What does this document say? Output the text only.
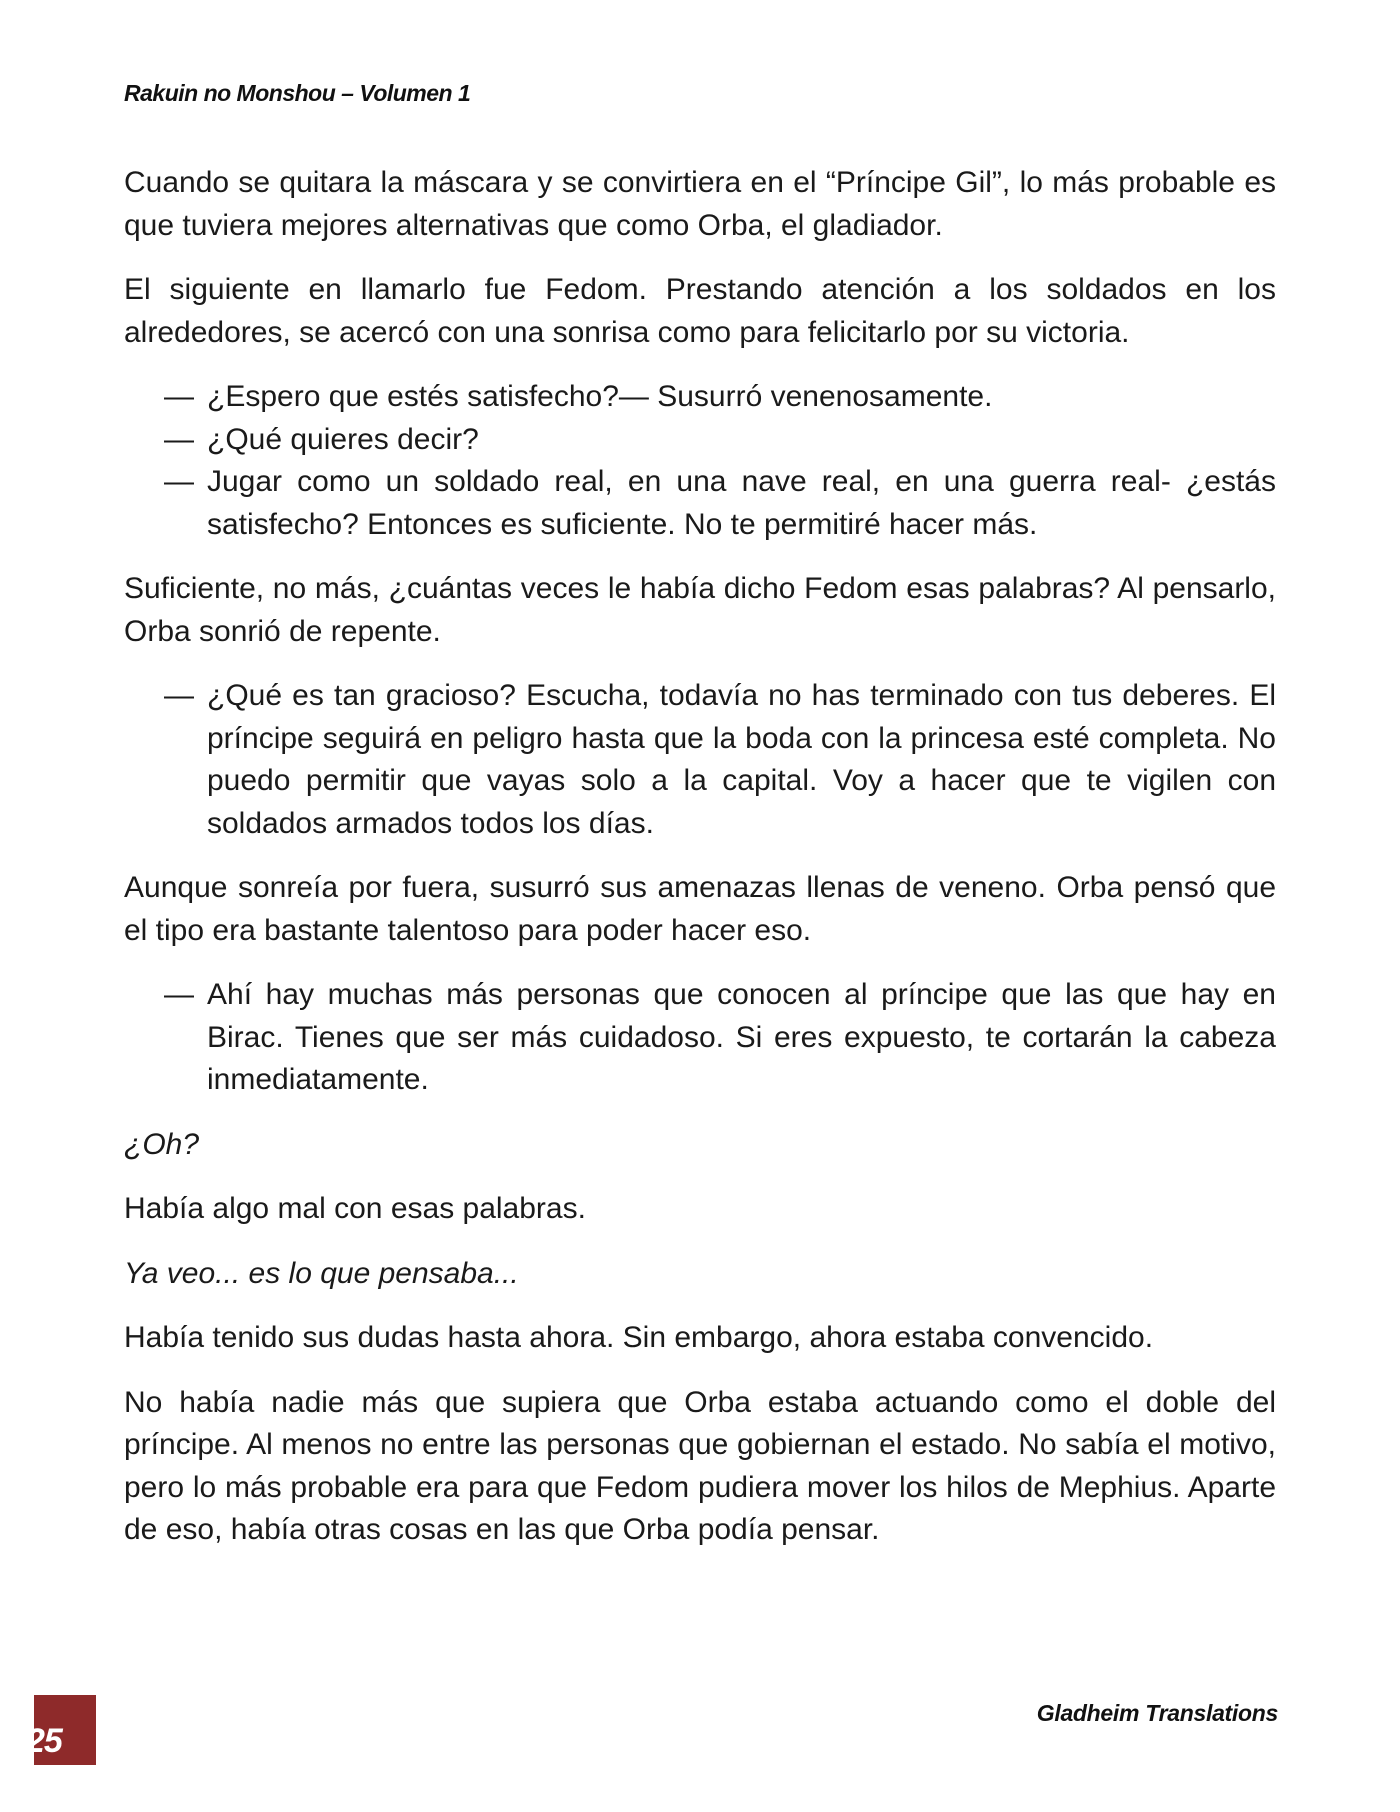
Rakuin no Monshou – Volumen 1

Cuando se quitara la máscara y se convirtiera en el “Príncipe Gil”, lo más probable es que tuviera mejores alternativas que como Orba, el gladiador.

El siguiente en llamarlo fue Fedom. Prestando atención a los soldados en los alrededores, se acercó con una sonrisa como para felicitarlo por su victoria.

— ¿Espero que estés satisfecho?— Susurró venenosamente.
— ¿Qué quieres decir?
— Jugar como un soldado real, en una nave real, en una guerra real- ¿estás satisfecho? Entonces es suficiente. No te permitiré hacer más.

Suficiente, no más, ¿cuántas veces le había dicho Fedom esas palabras? Al pensarlo, Orba sonrió de repente.

— ¿Qué es tan gracioso? Escucha, todavía no has terminado con tus deberes. El príncipe seguirá en peligro hasta que la boda con la princesa esté completa. No puedo permitir que vayas solo a la capital. Voy a hacer que te vigilen con soldados armados todos los días.

Aunque sonreía por fuera, susurró sus amenazas llenas de veneno. Orba pensó que el tipo era bastante talentoso para poder hacer eso.

— Ahí hay muchas más personas que conocen al príncipe que las que hay en Birac. Tienes que ser más cuidadoso. Si eres expuesto, te cortarán la cabeza inmediatamente.

¿Oh?

Había algo mal con esas palabras.

Ya veo... es lo que pensaba...

Había tenido sus dudas hasta ahora. Sin embargo, ahora estaba convencido.

No había nadie más que supiera que Orba estaba actuando como el doble del príncipe. Al menos no entre las personas que gobiernan el estado. No sabía el motivo, pero lo más probable era para que Fedom pudiera mover los hilos de Mephius. Aparte de eso, había otras cosas en las que Orba podía pensar.

25
Gladheim Translations
